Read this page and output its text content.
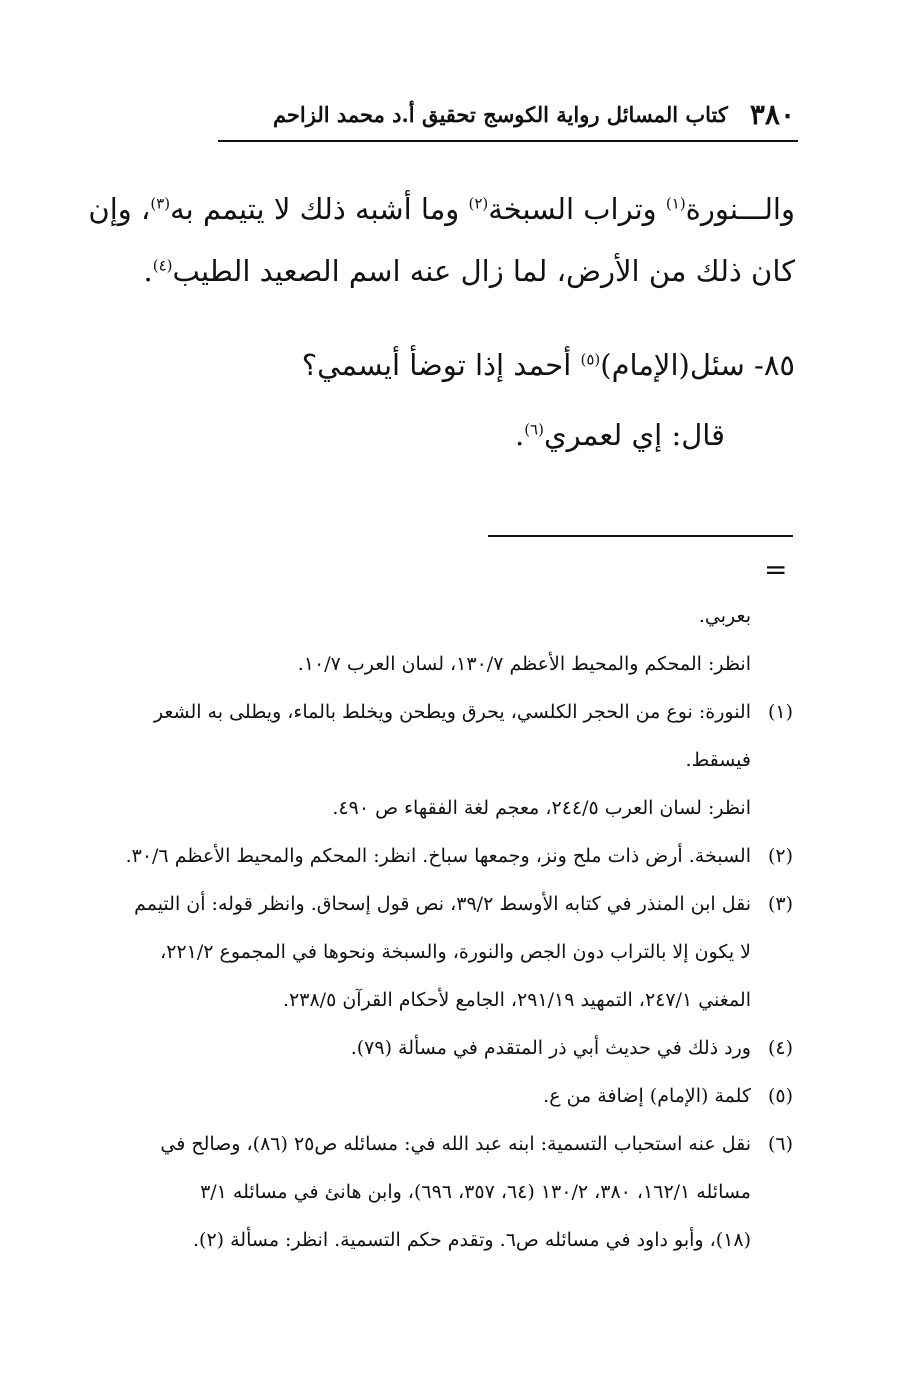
٣٨٠
كتاب المسائل رواية الكوسج تحقيق أ.د محمد الزاحم

والـــنورة$^{(١)}$ وتراب السبخة$^{(٢)}$ وما أشبه ذلك لا يتيمم به$^{(٣)}$، وإن

كان ذلك من الأرض، لما زال عنه اسم الصعيد الطيب$^{(٤)}$.

٨٥- سئل(الإمام)$^{(٥)}$ أحمد إذا توضأ أيسمي؟
قال: إي لعمري$^{(٦)}$.
=

بعربي.

انظر: المحكم والمحيط الأعظم ١٣٠/٧، لسان العرب ١٠/٧.

(١)النورة: نوع من الحجر الكلسي، يحرق ويطحن ويخلط بالماء، ويطلى به الشعر

فيسقط.

انظر: لسان العرب ٢٤٤/٥، معجم لغة الفقهاء ص ٤٩٠.

(٢)السبخة. أرض ذات ملح ونز، وجمعها سباخ. انظر: المحكم والمحيط الأعظم ٣٠/٦.

(٣)نقل ابن المنذر في كتابه الأوسط ٣٩/٢، نص قول إسحاق. وانظر قوله: أن التيمم

لا يكون إلا بالتراب دون الجص والنورة، والسبخة ونحوها في المجموع ٢٢١/٢،

المغني ٢٤٧/١، التمهيد ٢٩١/١٩، الجامع لأحكام القرآن ٢٣٨/٥.

(٤)ورد ذلك في حديث أبي ذر المتقدم في مسألة (٧٩).

(٥)كلمة (الإمام) إضافة من ع.

(٦)نقل عنه استحباب التسمية: ابنه عبد الله في: مسائله ص٢٥ (٨٦)، وصالح في

مسائله ١٦٢/١، ٣٨٠، ١٣٠/٢ (٦٤، ٣٥٧، ٦٩٦)، وابن هانئ في مسائله ٣/١

(١٨)، وأبو داود في مسائله ص٦. وتقدم حكم التسمية. انظر: مسألة (٢).
